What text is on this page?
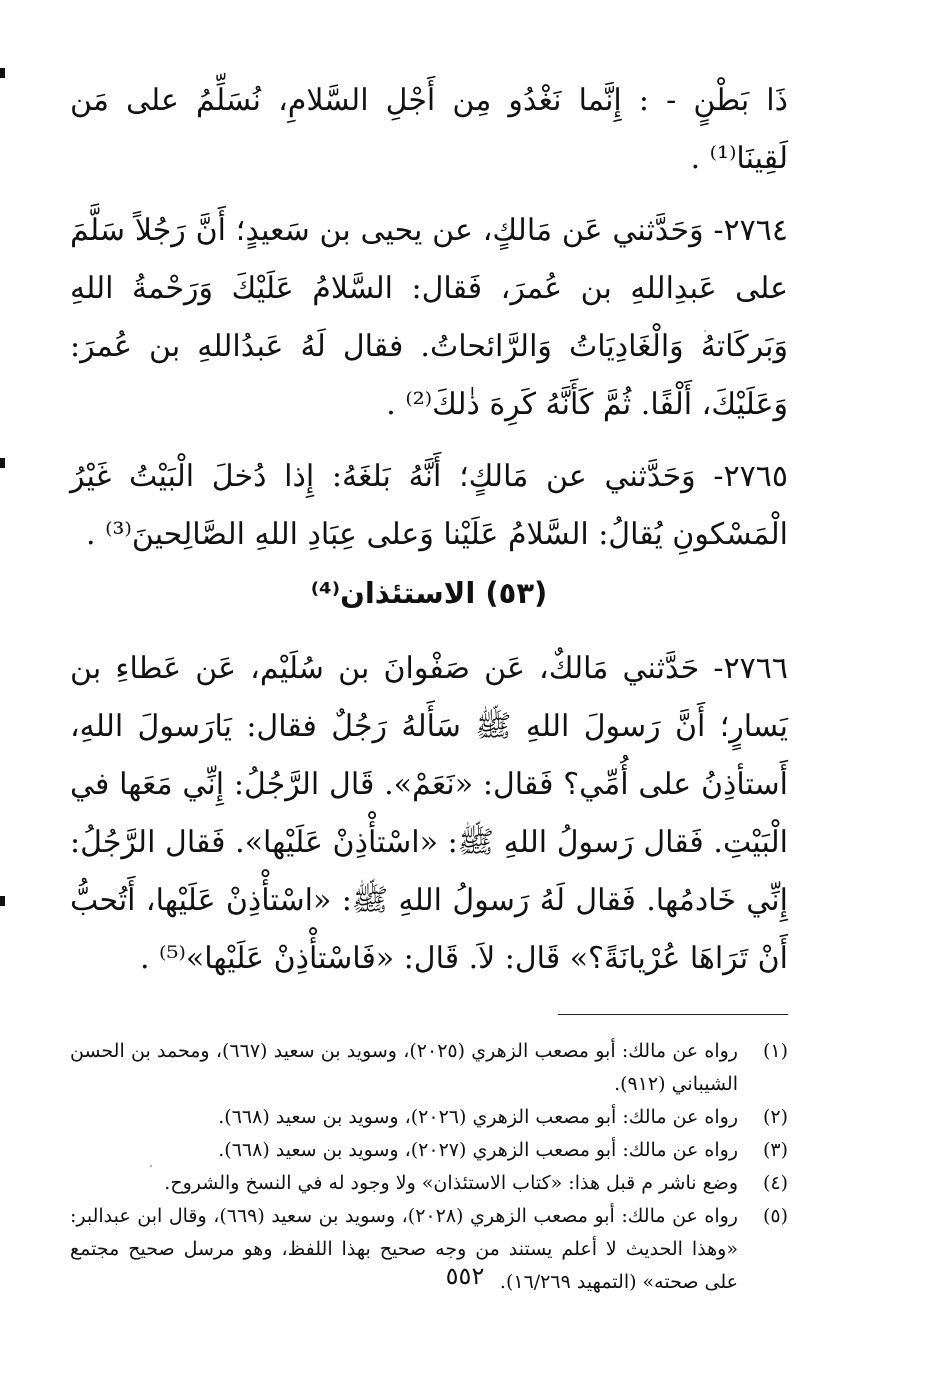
ذَا بَطْنٍ - : إِنَّما نَغْدُو مِن أَجْلِ السَّلامِ، نُسَلِّمُ على مَن لَقِينَا⁽¹⁾ .

٢٧٦٤- وَحَدَّثني عَن مَالكٍ، عن يحيى بن سَعيدٍ؛ أَنَّ رَجُلاً سَلَّمَ على عَبدِاللهِ بن عُمرَ، فَقال: السَّلامُ عَلَيْكَ وَرَحْمةُ اللهِ وَبَركَاتهُ وَالْغَادِيَاتُ وَالرَّائحاتُ. فقال لَهُ عَبدُاللهِ بن عُمرَ: وَعَلَيْكَ، أَلْفًا. ثُمَّ كَأَنَّهُ كَرِهَ ذٰلكَ⁽²⁾ .

٢٧٦٥- وَحَدَّثني عن مَالكٍ؛ أَنَّهُ بَلغَهُ: إِذا دُخلَ الْبَيْتُ غَيْرُ الْمَسْكونِ يُقالُ: السَّلامُ عَلَيْنا وَعلى عِبَادِ اللهِ الصَّالِحينَ⁽³⁾ .

(٥٣) الاستئذان⁽⁴⁾

٢٧٦٦- حَدَّثني مَالكٌ، عَن صَفْوانَ بن سُلَيْم، عَن عَطاءِ بن يَسارٍ؛ أَنَّ رَسولَ اللهِ ﷺ سَأَلهُ رَجُلٌ فقال: يَارَسولَ اللهِ، أَستأذِنُ على أُمِّي؟ فَقال: «نَعَمْ». قَال الرَّجُلُ: إِنِّي مَعَها في الْبَيْتِ. فَقال رَسولُ اللهِ ﷺ: «اسْتأْذِنْ عَلَيْها». فَقال الرَّجُلُ: إِنِّي خَادمُها. فَقال لَهُ رَسولُ اللهِ ﷺ: «اسْتأْذِنْ عَلَيْها، أَتُحبُّ أَنْ تَرَاهَا عُرْيانَةً؟» قَال: لاَ. قَال: «فَاسْتأْذِنْ عَلَيْها»⁽⁵⁾ .

(١)
رواه عن مالك: أبو مصعب الزهري (٢٠٢٥)، وسويد بن سعيد (٦٦٧)، ومحمد بن الحسن الشيباني (٩١٢).
(٢)
رواه عن مالك: أبو مصعب الزهري (٢٠٢٦)، وسويد بن سعيد (٦٦٨).
(٣)
رواه عن مالك: أبو مصعب الزهري (٢٠٢٧)، وسويد بن سعيد (٦٦٨).
(٤)
وضع ناشر م قبل هذا: «كتاب الاستئذان» ولا وجود له في النسخ والشروح.
(٥)
رواه عن مالك: أبو مصعب الزهري (٢٠٢٨)، وسويد بن سعيد (٦٦٩)، وقال ابن عبدالبر: «وهذا الحديث لا أعلم يستند من وجه صحيح بهذا اللفظ، وهو مرسل صحيح مجتمع على صحته» (التمهيد ١٦/٢٦٩).
٥٥٢
